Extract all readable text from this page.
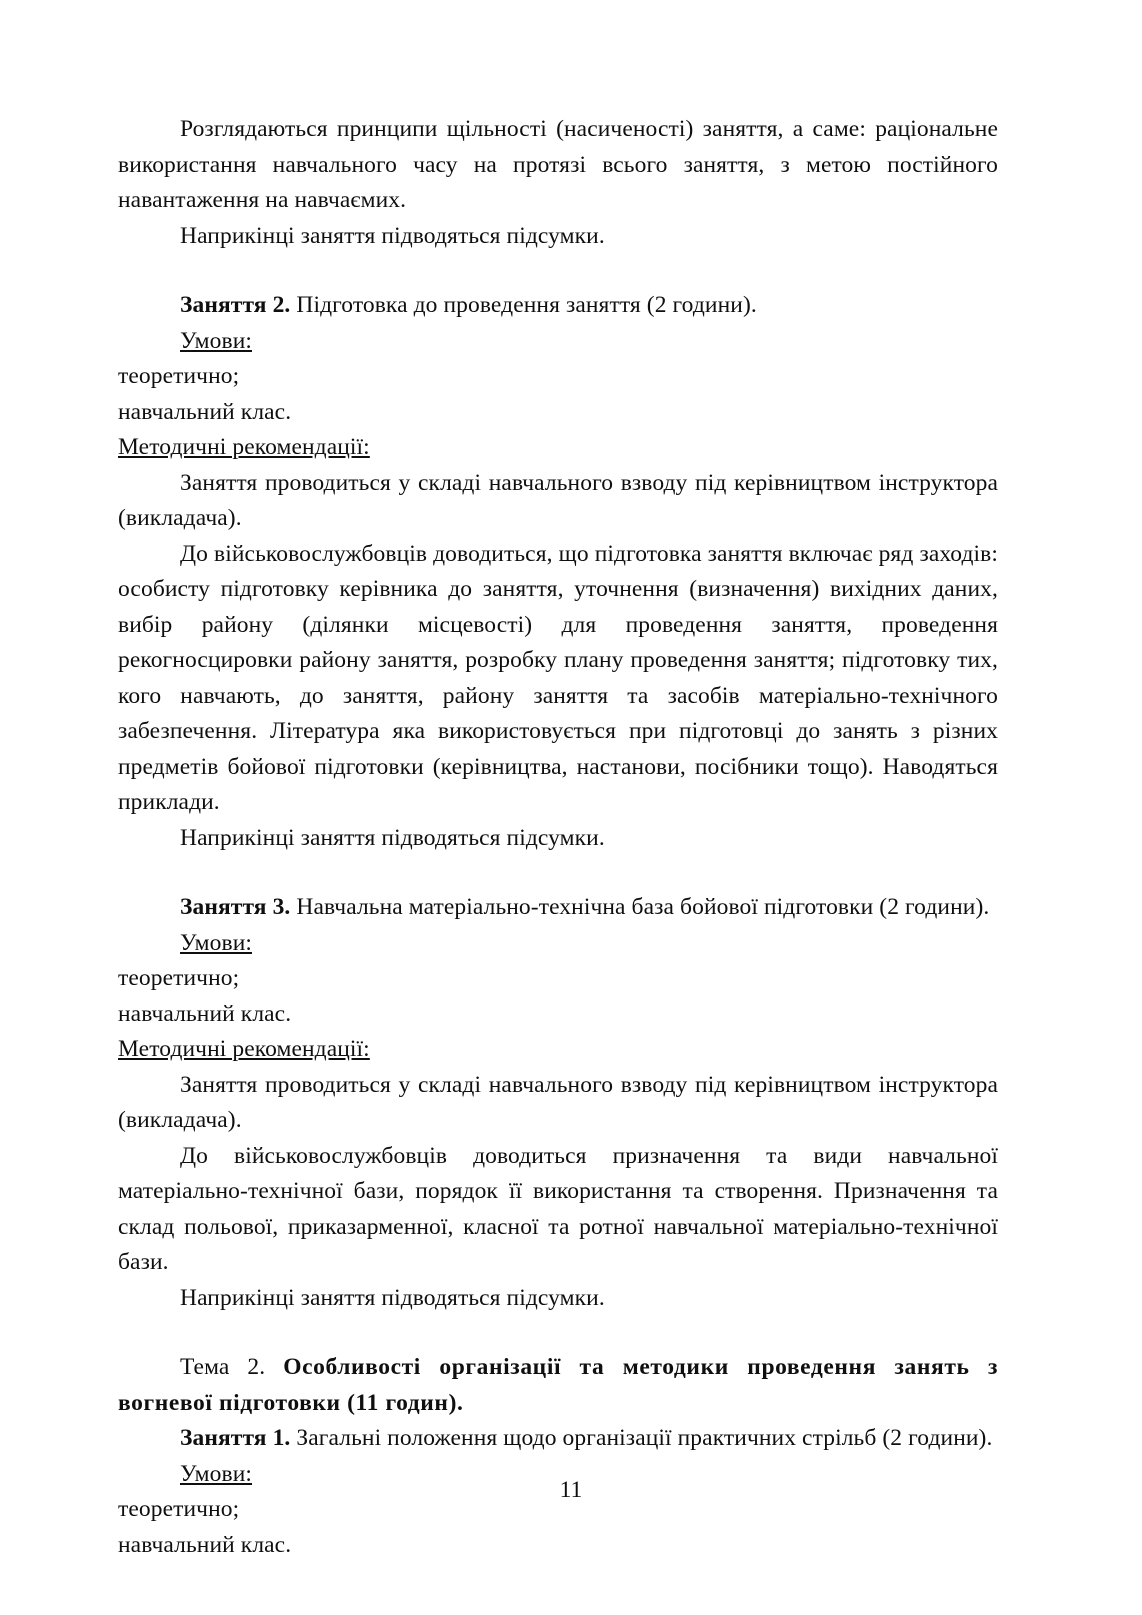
Розглядаються принципи щільності (насиченості) заняття, а саме: раціональне використання навчального часу на протязі всього заняття, з метою постійного навантаження на навчаємих.

Наприкінці заняття підводяться підсумки.

Заняття 2. Підготовка до проведення заняття (2 години).

Умови:

теоретично;

навчальний клас.

Методичні рекомендації:

Заняття проводиться у складі навчального взводу під керівництвом інструктора (викладача).

До військовослужбовців доводиться, що підготовка заняття включає ряд заходів: особисту підготовку керівника до заняття, уточнення (визначення) вихідних даних, вибір району (ділянки місцевості) для проведення заняття, проведення рекогносцировки району заняття, розробку плану проведення заняття; підготовку тих, кого навчають, до заняття, району заняття та засобів матеріально-технічного забезпечення. Література яка використовується при підготовці до занять з різних предметів бойової підготовки (керівництва, настанови, посібники тощо). Наводяться приклади.

Наприкінці заняття підводяться підсумки.

Заняття 3. Навчальна матеріально-технічна база бойової підготовки (2 години).

Умови:

теоретично;

навчальний клас.

Методичні рекомендації:

Заняття проводиться у складі навчального взводу під керівництвом інструктора (викладача).

До військовослужбовців доводиться призначення та види навчальної матеріально-технічної бази, порядок її використання та створення. Призначення та склад польової, приказарменної, класної та ротної навчальної матеріально-технічної бази.

Наприкінці заняття підводяться підсумки.

Тема 2. Особливості організації та методики проведення занять з вогневої підготовки (11 годин).

Заняття 1. Загальні положення щодо організації практичних стрільб (2 години).

Умови:

теоретично;

навчальний клас.

11
